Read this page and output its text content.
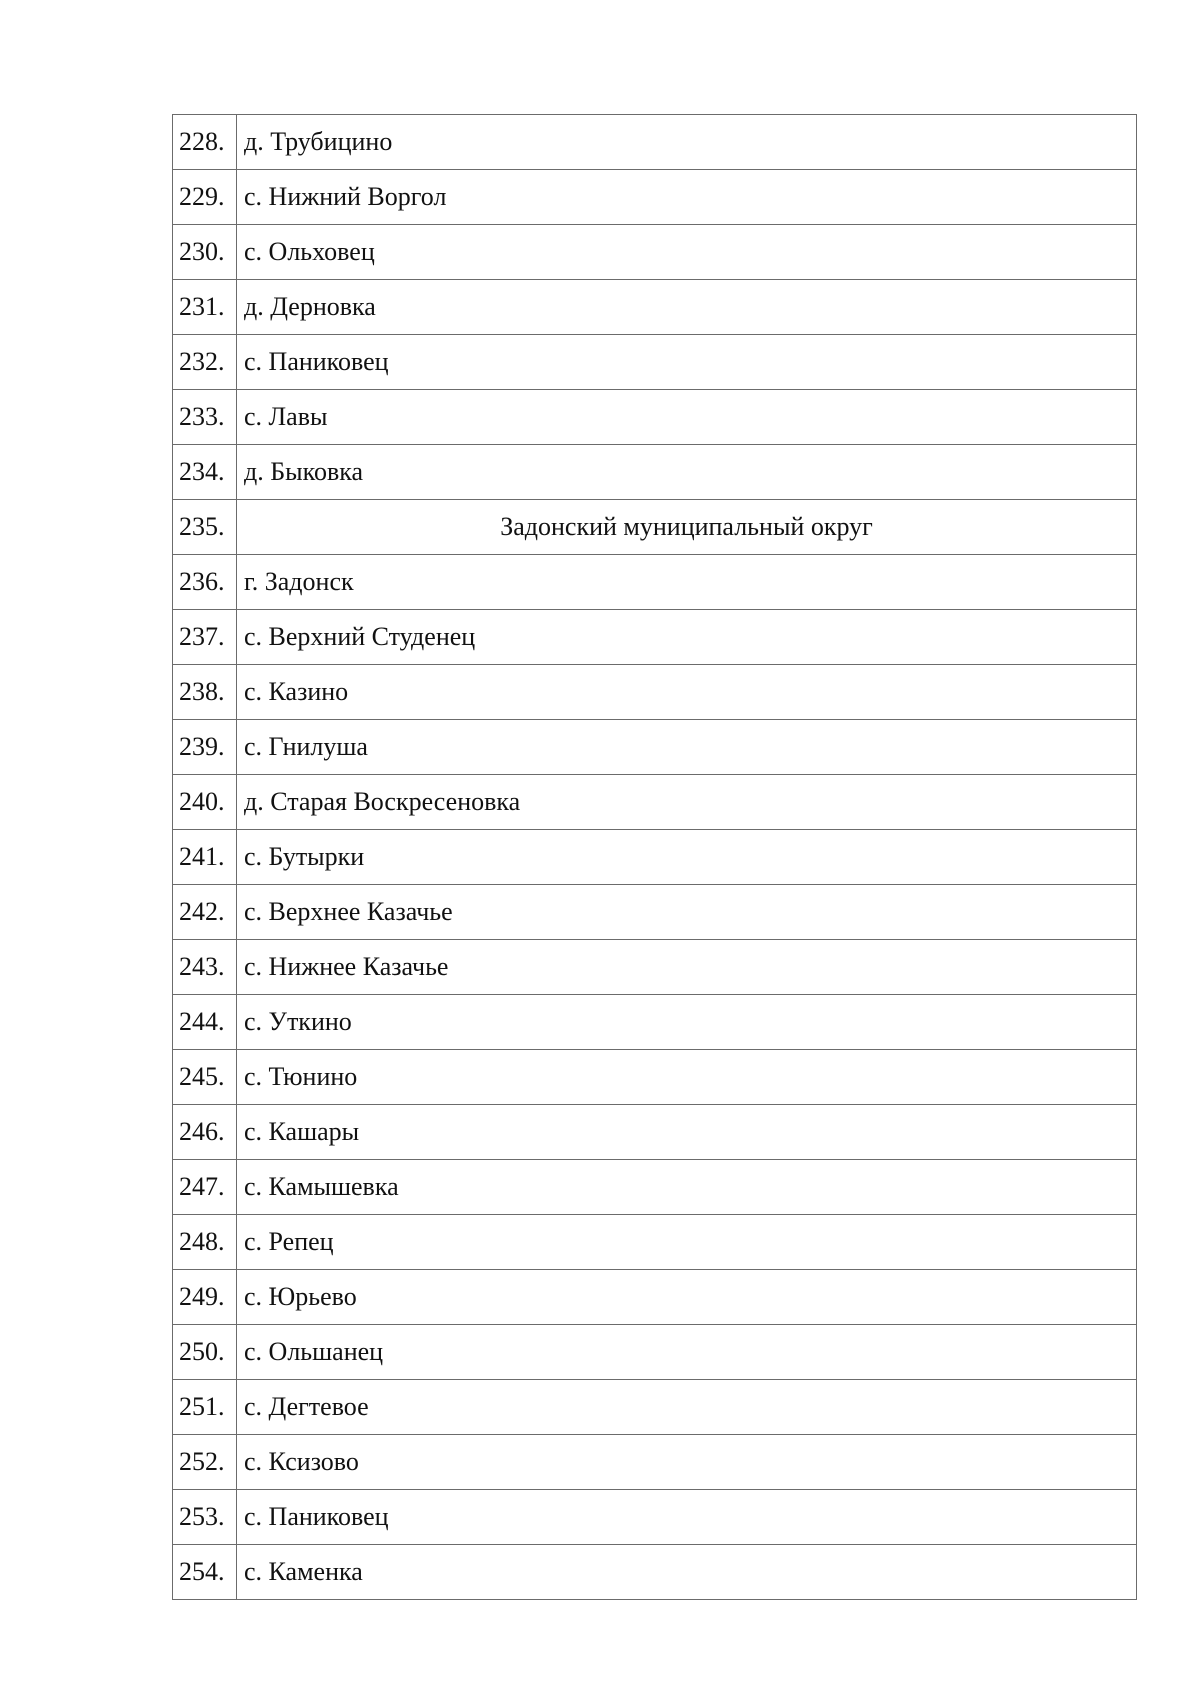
228.	д. Трубицино
229.	с. Нижний Воргол
230.	с. Ольховец
231.	д. Дерновка
232.	с. Паниковец
233.	с. Лавы
234.	д. Быковка
235.	Задонский муниципальный округ
236.	г. Задонск
237.	с. Верхний Студенец
238.	с. Казино
239.	с. Гнилуша
240.	д. Старая Воскресеновка
241.	с. Бутырки
242.	с. Верхнее Казачье
243.	с. Нижнее Казачье
244.	с. Уткино
245.	с. Тюнино
246.	с. Кашары
247.	с. Камышевка
248.	с. Репец
249.	с. Юрьево
250.	с. Ольшанец
251.	с. Дегтевое
252.	с. Ксизово
253.	с. Паниковец
254.	с. Каменка
